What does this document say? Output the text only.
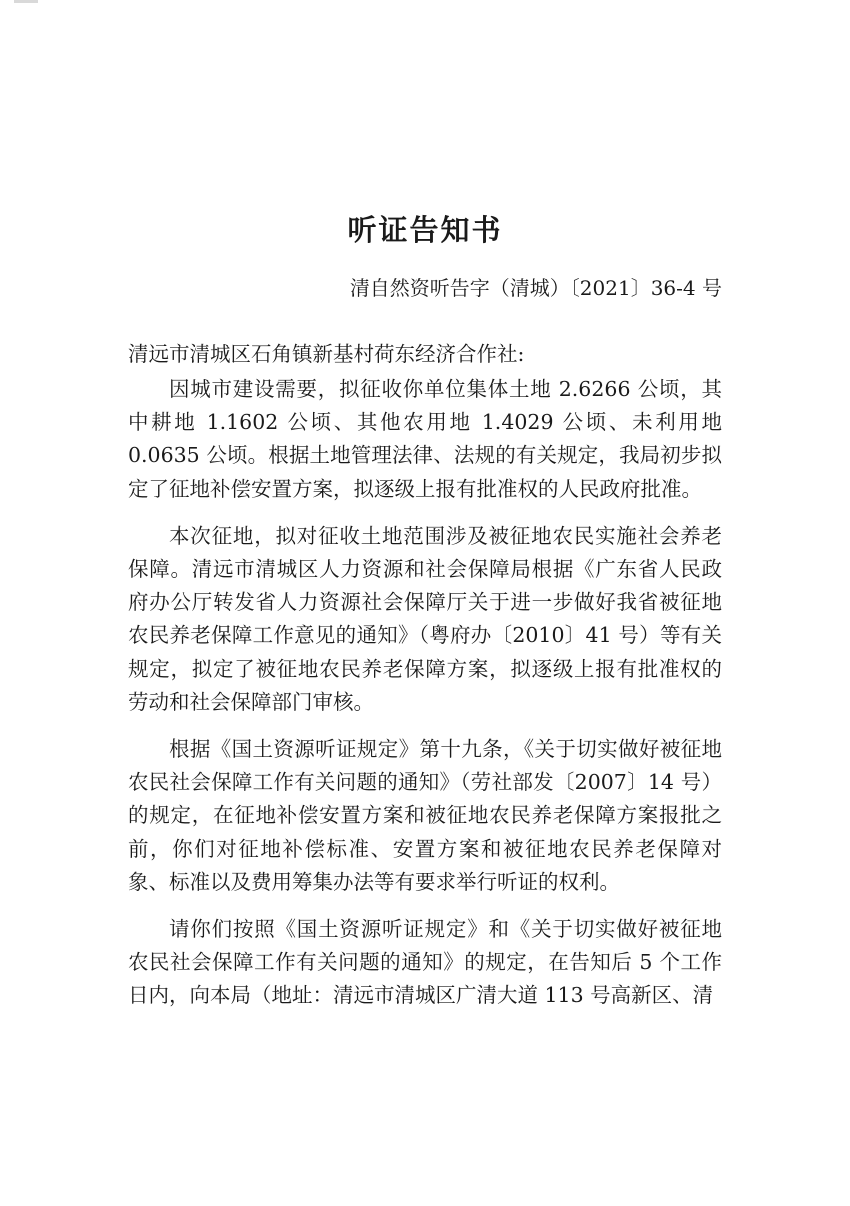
听证告知书
清自然资听告字（清城）〔2021〕36-4 号
清远市清城区石角镇新基村荷东经济合作社:

因城市建设需要，拟征收你单位集体土地 2.6266 公顷，其中耕地 1.1602 公顷、其他农用地 1.4029 公顷、未利用地 0.0635 公顷。根据土地管理法律、法规的有关规定，我局初步拟定了征地补偿安置方案，拟逐级上报有批准权的人民政府批准。

本次征地，拟对征收土地范围涉及被征地农民实施社会养老保障。清远市清城区人力资源和社会保障局根据《广东省人民政府办公厅转发省人力资源社会保障厅关于进一步做好我省被征地农民养老保障工作意见的通知》（粤府办〔2010〕41 号）等有关规定，拟定了被征地农民养老保障方案，拟逐级上报有批准权的劳动和社会保障部门审核。

根据《国土资源听证规定》第十九条，《关于切实做好被征地农民社会保障工作有关问题的通知》（劳社部发〔2007〕14 号）的规定，在征地补偿安置方案和被征地农民养老保障方案报批之前，你们对征地补偿标准、安置方案和被征地农民养老保障对象、标准以及费用筹集办法等有要求举行听证的权利。

请你们按照《国土资源听证规定》和《关于切实做好被征地农民社会保障工作有关问题的通知》的规定，在告知后 5 个工作日内，向本局（地址：清远市清城区广清大道 113 号高新区、清
